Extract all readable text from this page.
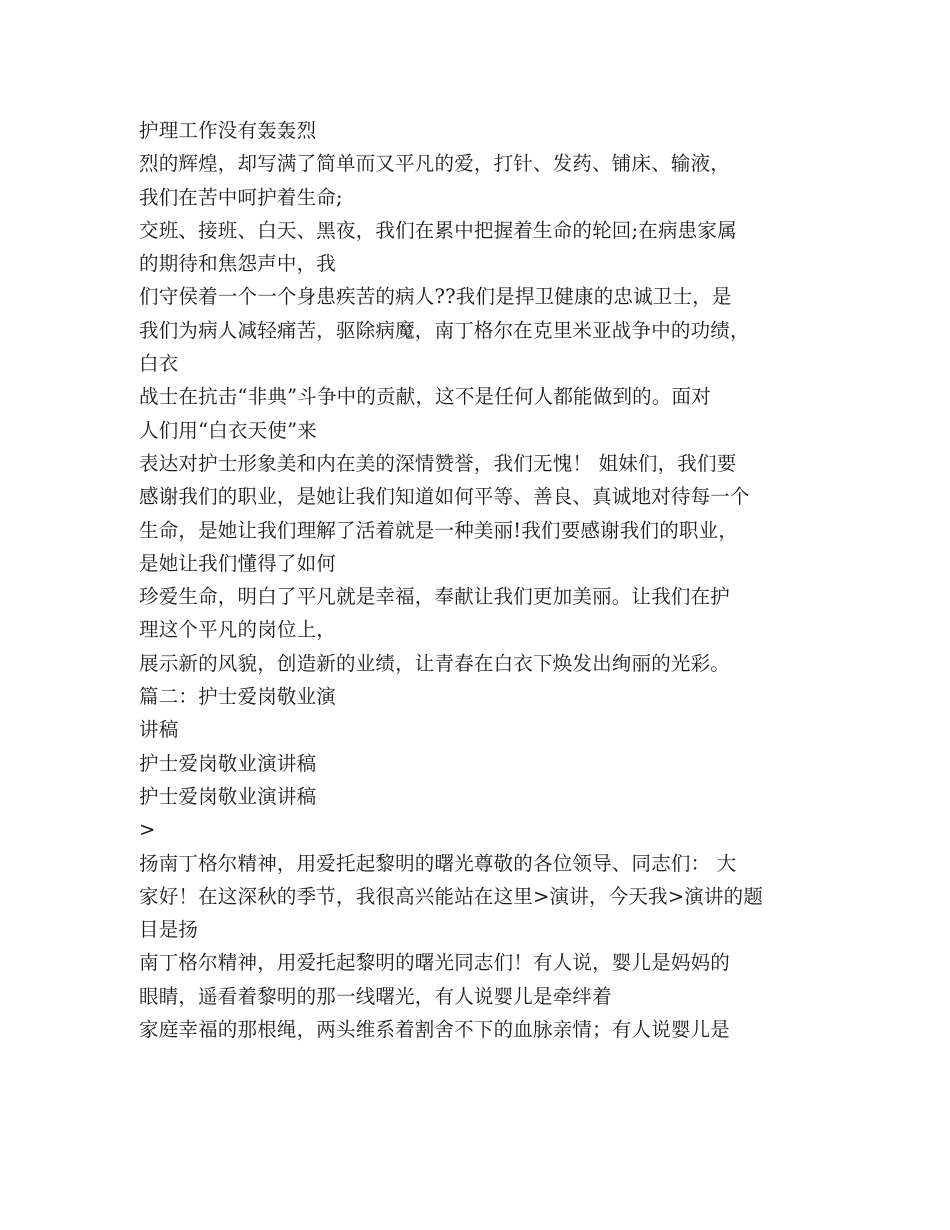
护理工作没有轰轰烈
烈的辉煌，却写满了简单而又平凡的爱，打针、发药、铺床、输液，
我们在苦中呵护着生命;
交班、接班、白天、黑夜，我们在累中把握着生命的轮回;在病患家属
的期待和焦怨声中，我
们守侯着一个一个身患疾苦的病人??我们是捍卫健康的忠诚卫士，是
我们为病人减轻痛苦，驱除病魔，南丁格尔在克里米亚战争中的功绩，
白衣
战士在抗击“非典”斗争中的贡献，这不是任何人都能做到的。面对
人们用“白衣天使”来
表达对护士形象美和内在美的深情赞誉，我们无愧！ 姐妹们，我们要
感谢我们的职业，是她让我们知道如何平等、善良、真诚地对待每一个
生命，是她让我们理解了活着就是一种美丽!我们要感谢我们的职业，
是她让我们懂得了如何
珍爱生命，明白了平凡就是幸福，奉献让我们更加美丽。让我们在护
理这个平凡的岗位上，
展示新的风貌，创造新的业绩，让青春在白衣下焕发出绚丽的光彩。
篇二：护士爱岗敬业演
讲稿
护士爱岗敬业演讲稿
护士爱岗敬业演讲稿
>
扬南丁格尔精神，用爱托起黎明的曙光尊敬的各位领导、同志们： 大
家好！在这深秋的季节，我很高兴能站在这里>演讲，今天我>演讲的题
目是扬
南丁格尔精神，用爱托起黎明的曙光同志们！有人说，婴儿是妈妈的
眼睛，遥看着黎明的那一线曙光，有人说婴儿是牵绊着
家庭幸福的那根绳，两头维系着割舍不下的血脉亲情；有人说婴儿是
